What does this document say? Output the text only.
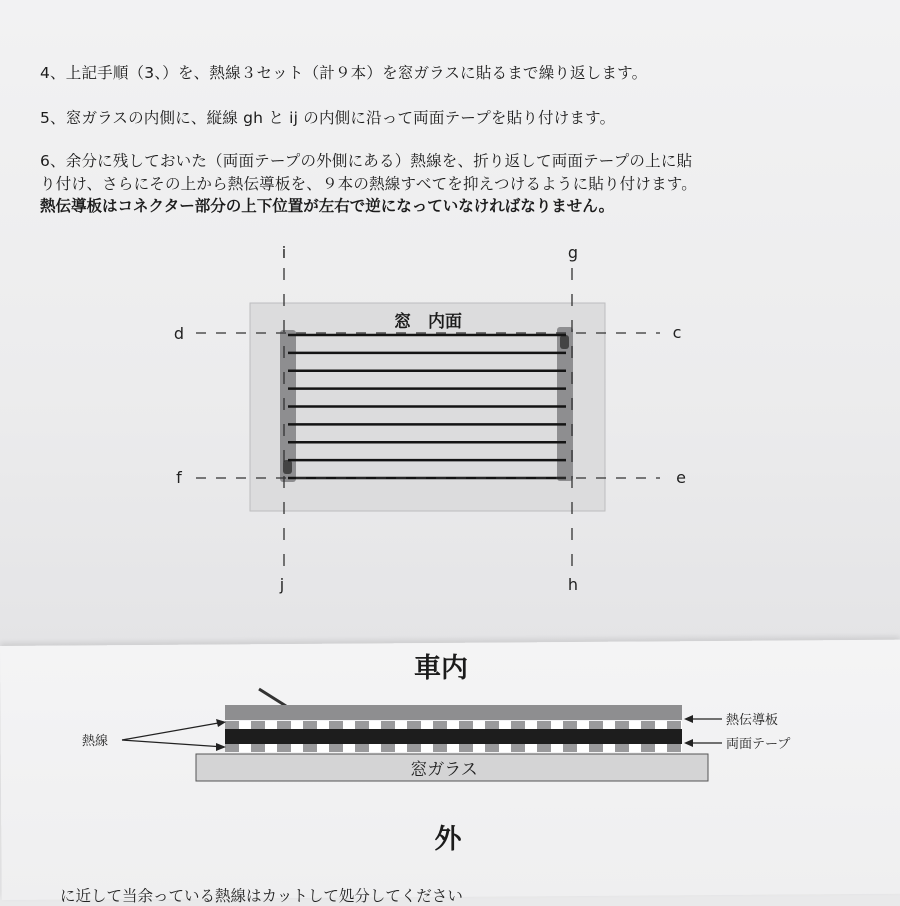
4、上記手順（3、）を、熱線３セット（計９本）を窓ガラスに貼るまで繰り返します。
5、窓ガラスの内側に、縦線 gh と ij の内側に沿って両面テープを貼り付けます。
6、余分に残しておいた（両面テープの外側にある）熱線を、折り返して両面テープの上に貼
り付け、さらにその上から熱伝導板を、９本の熱線すべてを抑えつけるように貼り付けます。
熱伝導板はコネクター部分の上下位置が左右で逆になっていなければなりません。
窓　内面
i	g
d	c
f	e
j	h
車内
窓ガラス
熱線
熱伝導板
両面テープ
外
に近して当余っている熱線はカットして処分してください
